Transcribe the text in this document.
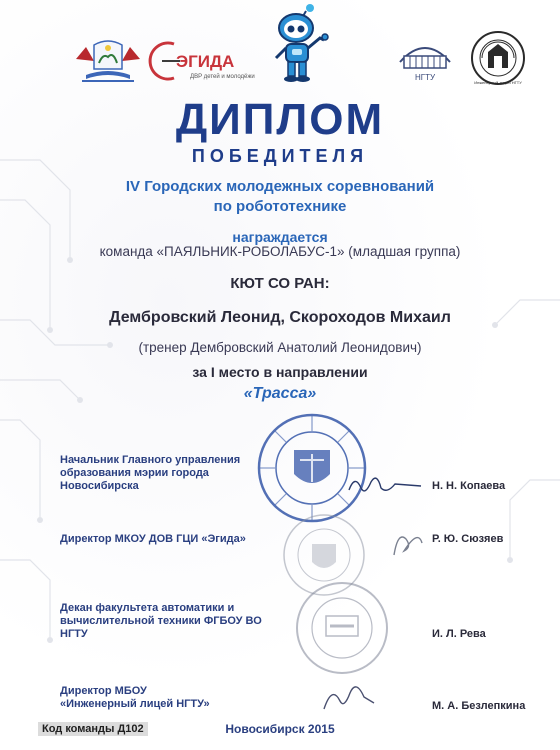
ЭГИДА
ДВР детей и молодёжи	НГТУ
Инженерный лицей НГТУ
ДИПЛОМ
ПОБЕДИТЕЛЯ
IV Городских молодежных соревнований
по робототехнике
награждается
команда «ПАЯЛЬНИК-РОБОЛАБУС-1» (младшая группа)
КЮТ СО РАН:
Дембровский Леонид, Скороходов Михаил
(тренер Дембровский Анатолий Леонидович)
за I место в направлении
«Трасса»
Начальник Главного управления образования мэрии города Новосибирска	Н. Н. Копаева
Директор МКОУ ДОВ ГЦИ «Эгида»	Р. Ю. Сюзяев
Декан факультета автоматики и вычислительной техники ФГБОУ ВО НГТУ	И. Л. Рева
Директор МБОУ «Инженерный лицей НГТУ»	М. А. Безлепкина
Код команды Д102	Новосибирск 2015
